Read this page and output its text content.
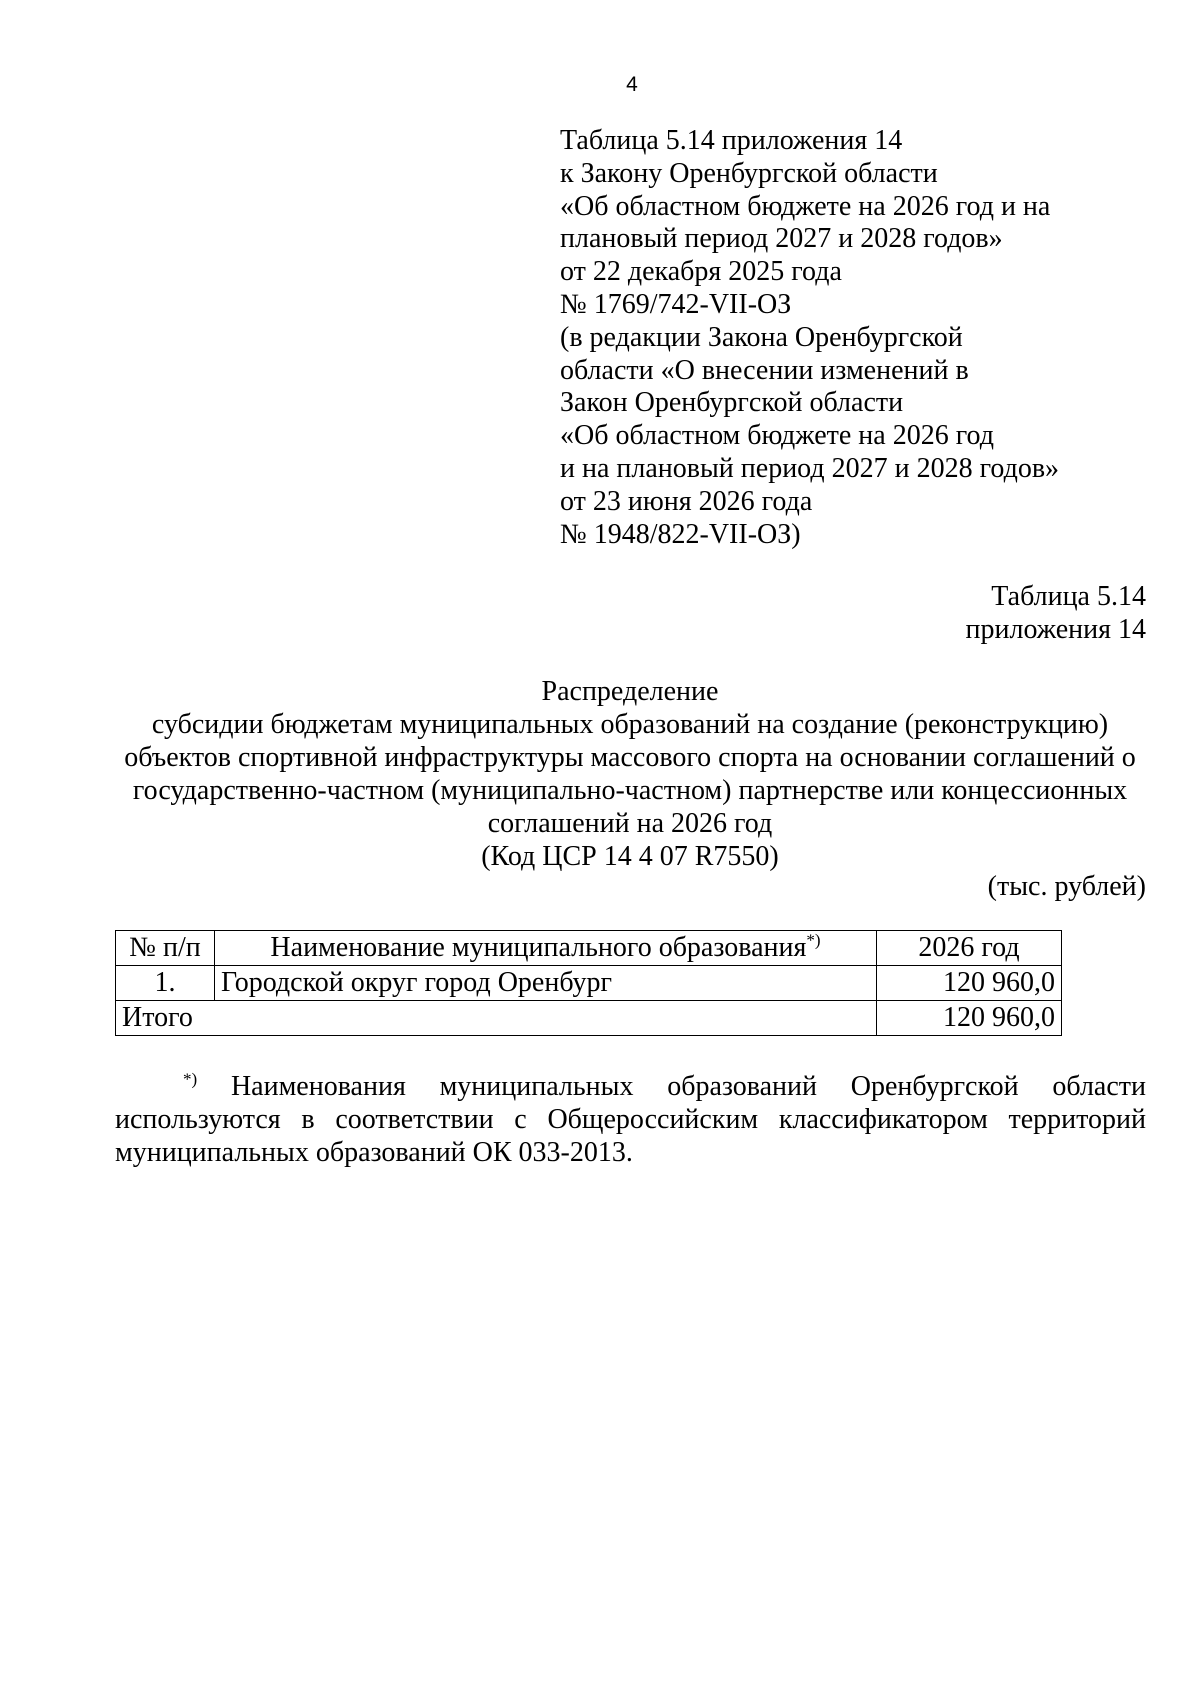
4
Таблица 5.14 приложения 14
к Закону Оренбургской области
«Об областном бюджете на 2026 год и на
плановый период 2027 и 2028 годов»
от 22 декабря 2025 года
№ 1769/742-VII-ОЗ
(в редакции Закона Оренбургской
области «О внесении изменений в
Закон Оренбургской области
«Об областном бюджете на 2026 год
и на плановый период 2027 и 2028 годов»
от 23 июня 2026 года
№ 1948/822-VII-ОЗ)
Таблица 5.14
приложения 14
Распределение
субсидии бюджетам муниципальных образований на создание (реконструкцию)
объектов спортивной инфраструктуры массового спорта на основании соглашений о
государственно-частном (муниципально-частном) партнерстве или концессионных
соглашений на 2026 год
(Код ЦСР 14 4 07 R7550)
(тыс. рублей)
№ п/п	Наименование муниципального образования*)	2026 год
1.	Городской округ город Оренбург	120 960,0
Итого		120 960,0

*) Наименования муниципальных образований Оренбургской области используются в соответствии с Общероссийским классификатором территорий муниципальных образований ОК 033-2013.
